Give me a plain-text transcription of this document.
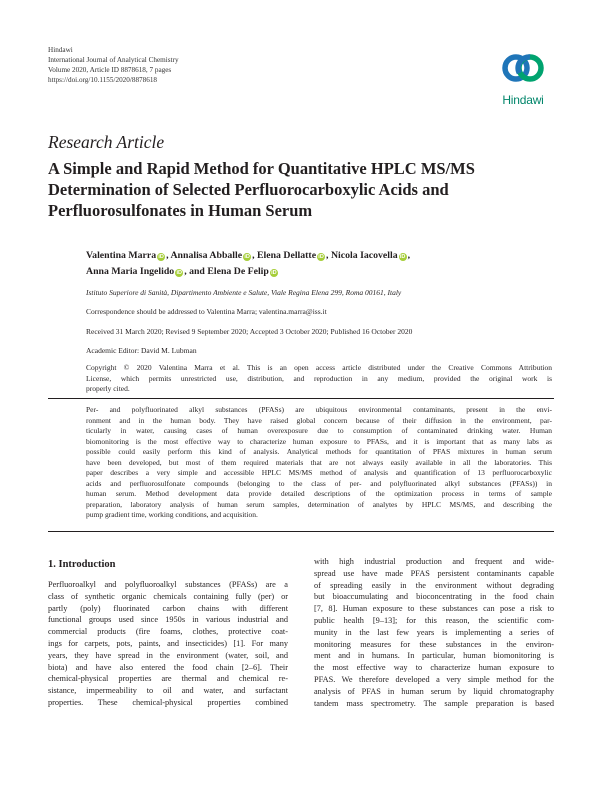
Hindawi
International Journal of Analytical Chemistry
Volume 2020, Article ID 8878618, 7 pages
https://doi.org/10.1155/2020/8878618
Hindawi
Research Article
A Simple and Rapid Method for Quantitative HPLC MS/MS
Determination of Selected Perfluorocarboxylic Acids and
Perfluorosulfonates in Human Serum
Valentina Marra iD , Annalisa Abballe iD , Elena Dellatte iD , Nicola Iacovella iD ,
Anna Maria Ingelido iD , and Elena De Felip iD
Istituto Superiore di Sanità, Dipartimento Ambiente e Salute, Viale Regina Elena 299, Roma 00161, Italy
Correspondence should be addressed to Valentina Marra; valentina.marra@iss.it
Received 31 March 2020; Revised 9 September 2020; Accepted 3 October 2020; Published 16 October 2020
Academic Editor: David M. Lubman
Copyright © 2020 Valentina Marra et al. This is an open access article distributed under the Creative Commons Attribution
License, which permits unrestricted use, distribution, and reproduction in any medium, provided the original work is
properly cited.
Per- and polyfluorinated alkyl substances (PFASs) are ubiquitous environmental contaminants, present in the envi-
ronment and in the human body. They have raised global concern because of their diffusion in the environment, par-
ticularly in water, causing cases of human overexposure due to consumption of contaminated drinking water. Human
biomonitoring is the most effective way to characterize human exposure to PFASs, and it is important that as many labs as
possible could easily perform this kind of analysis. Analytical methods for quantitation of PFAS mixtures in human serum
have been developed, but most of them required materials that are not always easily available in all the laboratories. This
paper describes a very simple and accessible HPLC MS/MS method of analysis and quantification of 13 perfluorocarboxylic
acids and perfluorosulfonate compounds (belonging to the class of per- and polyfluorinated alkyl substances (PFASs)) in
human serum. Method development data provide detailed descriptions of the optimization process in terms of sample
preparation, laboratory analysis of human serum samples, determination of analytes by HPLC MS/MS, and describing the
pump gradient time, working conditions, and acquisition.
1. Introduction
Perfluoroalkyl and polyfluoroalkyl substances (PFASs) are a
class of synthetic organic chemicals containing fully (per) or
partly (poly) fluorinated carbon chains with different
functional groups used since 1950s in various industrial and
commercial products (fire foams, clothes, protective coat-
ings for carpets, pots, paints, and insecticides) [1]. For many
years, they have spread in the environment (water, soil, and
biota) and have also entered the food chain [2–6]. Their
chemical-physical properties are thermal and chemical re-
sistance, impermeability to oil and water, and surfactant
properties. These chemical-physical properties combined
with high industrial production and frequent and wide-
spread use have made PFAS persistent contaminants capable
of spreading easily in the environment without degrading
but bioaccumulating and bioconcentrating in the food chain
[7, 8]. Human exposure to these substances can pose a risk to
public health [9–13]; for this reason, the scientific com-
munity in the last few years is implementing a series of
monitoring measures for these substances in the environ-
ment and in humans. In particular, human biomonitoring is
the most effective way to characterize human exposure to
PFAS. We therefore developed a very simple method for the
analysis of PFAS in human serum by liquid chromatography
tandem mass spectrometry. The sample preparation is based
